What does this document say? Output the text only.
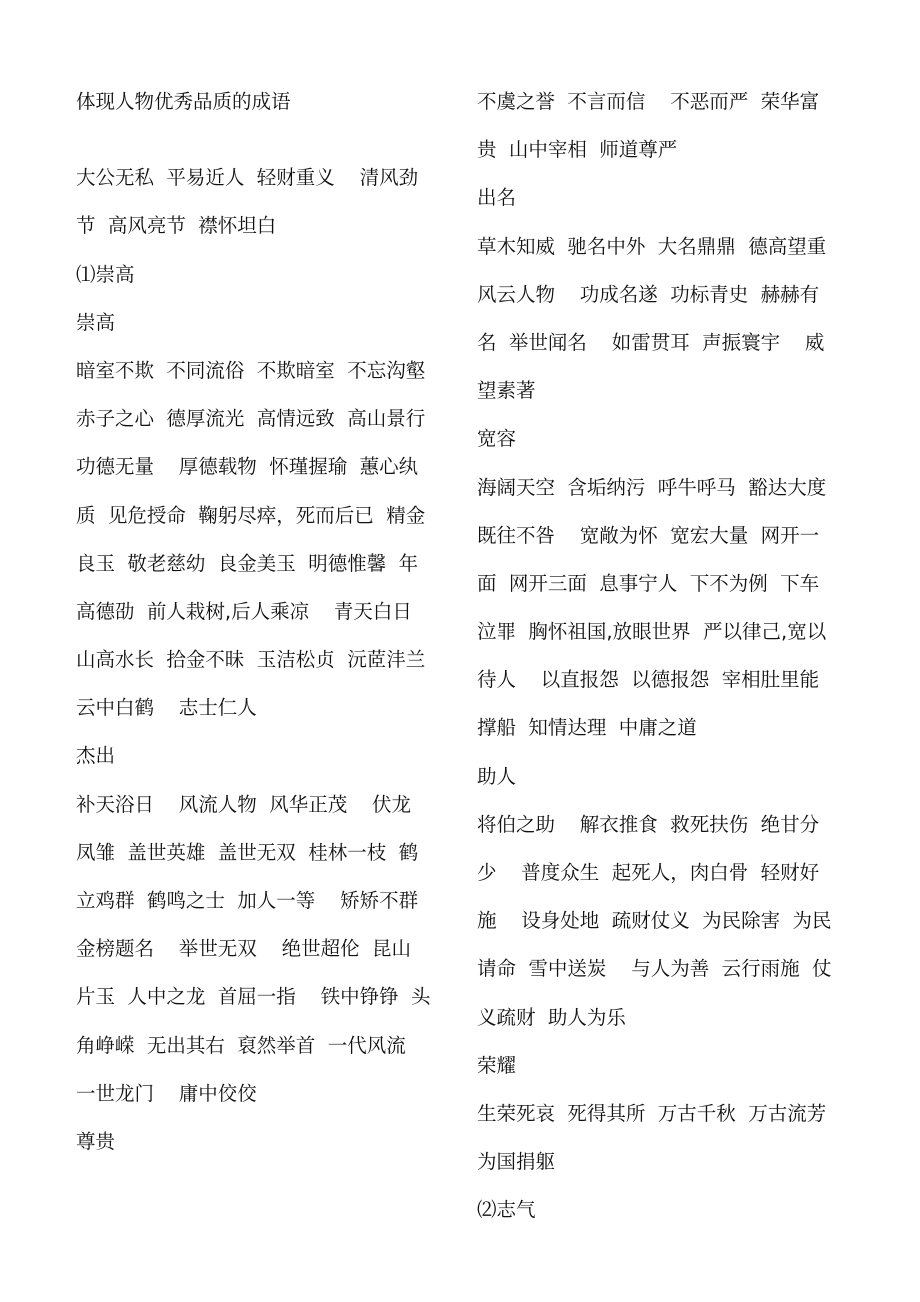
体现人物优秀品质的成语
大公无私  平易近人  轻财重义    清风劲
节  高风亮节  襟怀坦白
⑴崇高
崇高
暗室不欺  不同流俗  不欺暗室  不忘沟壑
赤子之心  德厚流光  高情远致  高山景行
功德无量    厚德载物  怀瑾握瑜  蕙心纨
质  见危授命  鞠躬尽瘁，死而后已  精金
良玉  敬老慈幼  良金美玉  明德惟馨  年
高德劭  前人栽树,后人乘凉    青天白日
山高水长  拾金不昧  玉洁松贞  沅茝沣兰
云中白鹤    志士仁人
杰出
补天浴日    风流人物  风华正茂    伏龙
凤雏  盖世英雄  盖世无双  桂林一枝  鹤
立鸡群  鹤鸣之士  加人一等    矫矫不群
金榜题名    举世无双    绝世超伦  昆山
片玉  人中之龙  首屈一指    铁中铮铮  头
角峥嵘  无出其右  裒然举首  一代风流
一世龙门    庸中佼佼
尊贵
不虞之誉  不言而信    不恶而严  荣华富
贵  山中宰相  师道尊严
出名
草木知威  驰名中外  大名鼎鼎  德高望重
风云人物    功成名遂  功标青史  赫赫有
名  举世闻名    如雷贯耳  声振寰宇    威
望素著
宽容
海阔天空  含垢纳污  呼牛呼马  豁达大度
既往不咎    宽敞为怀  宽宏大量  网开一
面  网开三面  息事宁人  下不为例  下车
泣罪  胸怀祖国,放眼世界  严以律己,宽以
待人    以直报怨  以德报怨  宰相肚里能
撑船  知情达理  中庸之道
助人
将伯之助    解衣推食  救死扶伤  绝甘分
少    普度众生  起死人，肉白骨  轻财好
施    设身处地  疏财仗义  为民除害  为民
请命  雪中送炭    与人为善  云行雨施  仗
义疏财  助人为乐
荣耀
生荣死哀  死得其所  万古千秋  万古流芳
为国捐躯
⑵志气
